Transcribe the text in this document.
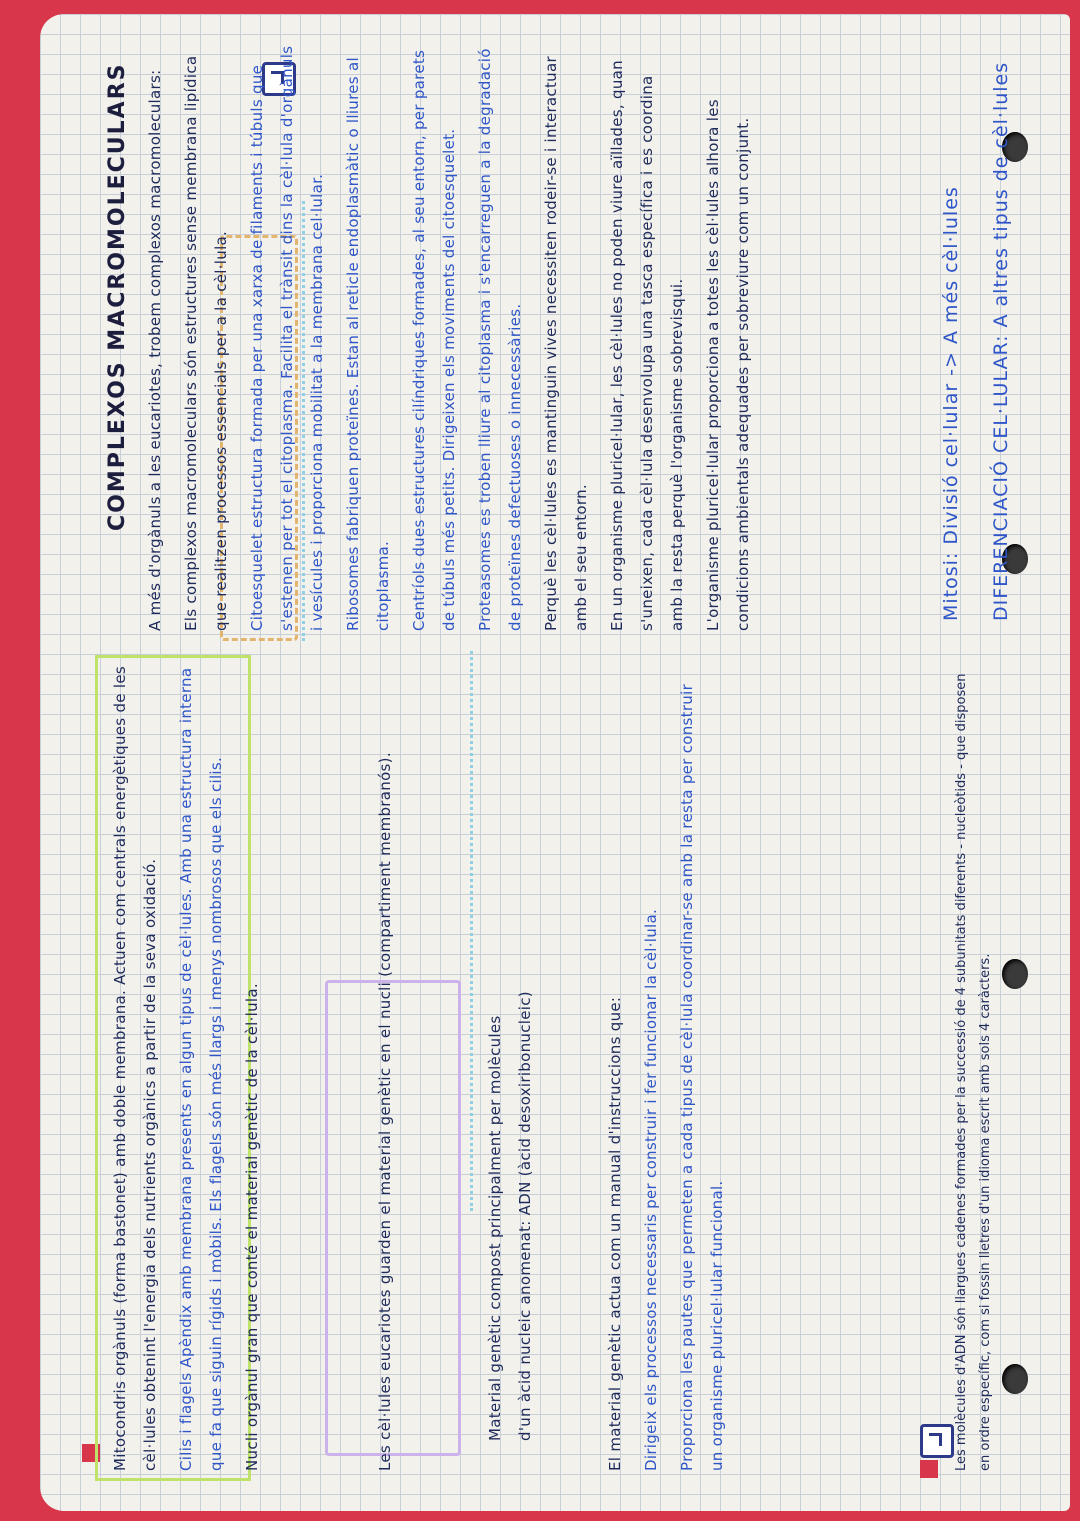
COMPLEXOS MACROMOLECULARS

Mitocondris orgànuls (forma bastonet) amb doble membrana. Actuen com centrals energètiques de les cèl·lules obtenint l'energia dels nutrients orgànics a partir de la seva oxidació.	Cilis i flagels Apèndix amb membrana presents en algun tipus de cèl·lules. Amb una estructura interna que fa que siguin rígids i mòbils. Els flagels són més llargs i menys nombrosos que els cilis.	Nucli orgànul gran que conté el material genètic de la cèl·lula.	Les cèl·lules eucariotes guarden el material genètic en el nucli (compartiment membranós).	Material genètic compost principalment per molècules d'un àcid nucleic anomenat: ADN (àcid desoxiribonucleic)	El material genètic actua com un manual d'instruccions que:	Dirigeix els processos necessaris per construir i fer funcionar la cèl·lula.	Proporciona les pautes que permeten a cada tipus de cèl·lula coordinar-se amb la resta per construir un organisme pluricel·lular funcional.	Les molècules d'ADN són llargues cadenes formades per la successió de 4 subunitats diferents - nucleòtids - que disposen en ordre específic, com si fossin lletres d'un idioma escrit amb sols 4 caràcters.

A més d'orgànuls a les eucariotes, trobem complexos macromoleculars:	Els complexos macromoleculars són estructures sense membrana lipídica que realitzen processos essencials per a la cèl·lula.	Citoesquelet estructura formada per una xarxa de filaments i túbuls que s'estenen per tot el citoplasma. Facilita el trànsit dins la cèl·lula d'orgànuls i vesícules i proporciona mobilitat a la membrana cel·lular.	Ribosomes fabriquen proteïnes. Estan al reticle endoplasmàtic o lliures al citoplasma.	Centríols dues estructures cilíndriques formades, al seu entorn, per parets de túbuls més petits. Dirigeixen els moviments del citoesquelet.	Proteasomes es troben lliure al citoplasma i s'encarreguen a la degradació de proteïnes defectuoses o innecessàries.	Perquè les cèl·lules es mantinguin vives necessiten rodeir-se i interactuar amb el seu entorn.	En un organisme pluricel·lular, les cèl·lules no poden viure aïllades, quan s'uneixen, cada cèl·lula desenvolupa una tasca específica i es coordina amb la resta perquè l'organisme sobrevisqui.	L'organisme pluricel·lular proporciona a totes les cèl·lules alhora les condicions ambientals adequades per sobreviure com un conjunt.	Mitosi: Divisió cel·lular -> A més cèl·lules DIFERENCIACIÓ CEL·LULAR: A altres tipus de cèl·lules
